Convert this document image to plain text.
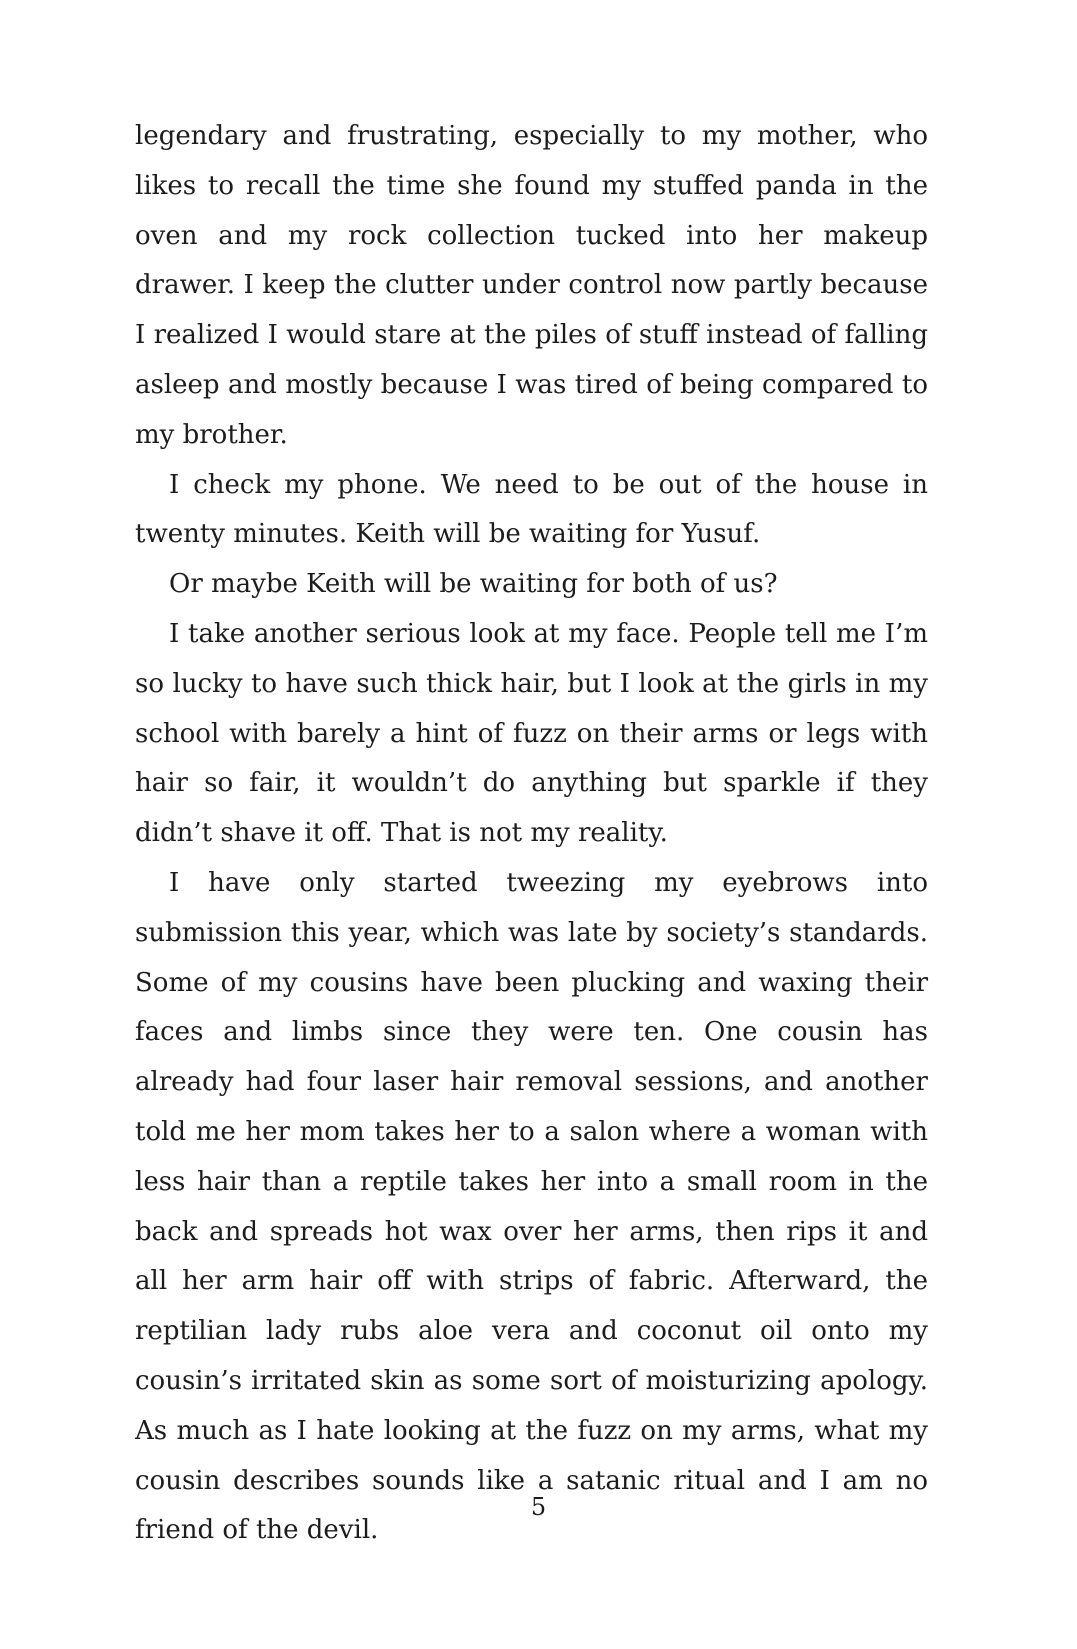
legendary and frustrating, especially to my mother, who likes to recall the time she found my stuffed panda in the oven and my rock collection tucked into her makeup drawer. I keep the clutter under control now partly because I realized I would stare at the piles of stuff instead of falling asleep and mostly because I was tired of being compared to my brother.

I check my phone. We need to be out of the house in twenty minutes. Keith will be waiting for Yusuf.

Or maybe Keith will be waiting for both of us?

I take another serious look at my face. People tell me I’m so lucky to have such thick hair, but I look at the girls in my school with barely a hint of fuzz on their arms or legs with hair so fair, it wouldn’t do anything but sparkle if they didn’t shave it off. That is not my reality.

I have only started tweezing my eyebrows into submission this year, which was late by society’s standards. Some of my cousins have been plucking and waxing their faces and limbs since they were ten. One cousin has already had four laser hair removal sessions, and another told me her mom takes her to a salon where a woman with less hair than a reptile takes her into a small room in the back and spreads hot wax over her arms, then rips it and all her arm hair off with strips of fabric. Afterward, the reptilian lady rubs aloe vera and coconut oil onto my cousin’s irritated skin as some sort of moisturizing apology. As much as I hate looking at the fuzz on my arms, what my cousin describes sounds like a satanic ritual and I am no friend of the devil.

5
